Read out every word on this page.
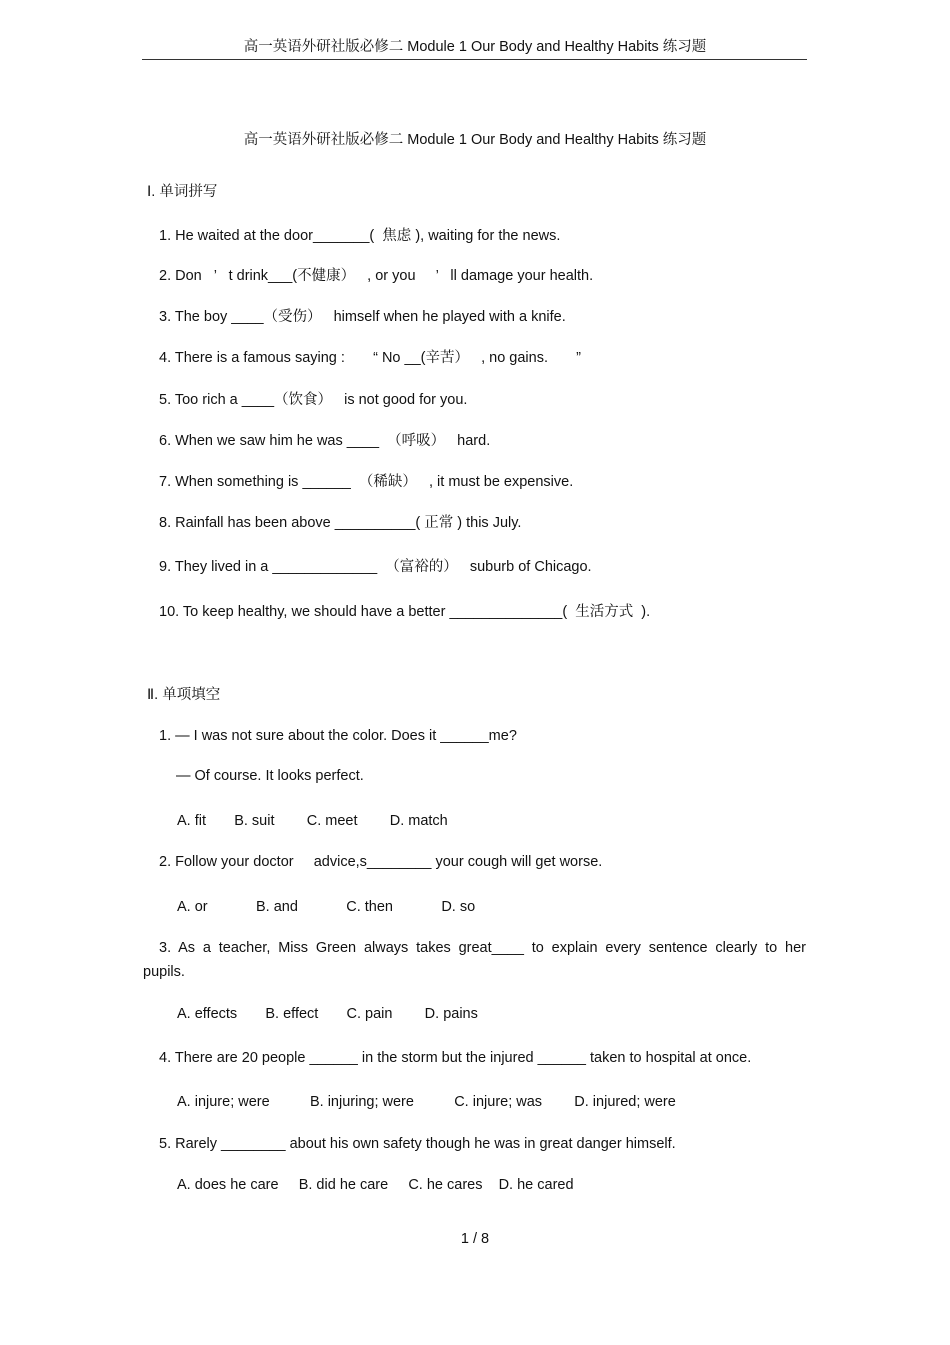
高一英语外研社版必修二 Module 1 Our Body and Healthy Habits 练习题
高一英语外研社版必修二 Module 1 Our Body and Healthy Habits 练习题
Ⅰ. 单词拼写
1. He waited at the door_______(  焦虑 ), waiting for the news.
2. Don   ’   t drink___(不健康）   , or you     ’   ll damage your health.
3. The boy ____（受伤）   himself when he played with a knife.
4. There is a famous saying :       “ No __(辛苦）   , no gains.       ”
5. Too rich a ____（饮食）   is not good for you.
6. When we saw him he was ____  （呼吸）   hard.
7. When something is ______  （稀缺）   , it must be expensive.
8. Rainfall has been above __________( 正常 ) this July.
9. They lived in a _____________  （富裕的）   suburb of Chicago.
10. To keep healthy, we should have a better ______________(  生活方式  ).
Ⅱ. 单项填空
1. — I was not sure about the color. Does it ______me?
— Of course. It looks perfect.
A. fit       B. suit        C. meet        D. match
2. Follow your doctor     advice,s________ your cough will get worse.
A. or            B. and            C. then            D. so
3. As a teacher, Miss Green always takes great____ to explain every sentence clearly to her
pupils.
A. effects       B. effect       C. pain        D. pains
4. There are 20 people ______ in the storm but the injured ______ taken to hospital at once.
A. injure; were          B. injuring; were          C. injure; was        D. injured; were
5. Rarely ________ about his own safety though he was in great danger himself.
A. does he care     B. did he care     C. he cares    D. he cared
1 / 8
